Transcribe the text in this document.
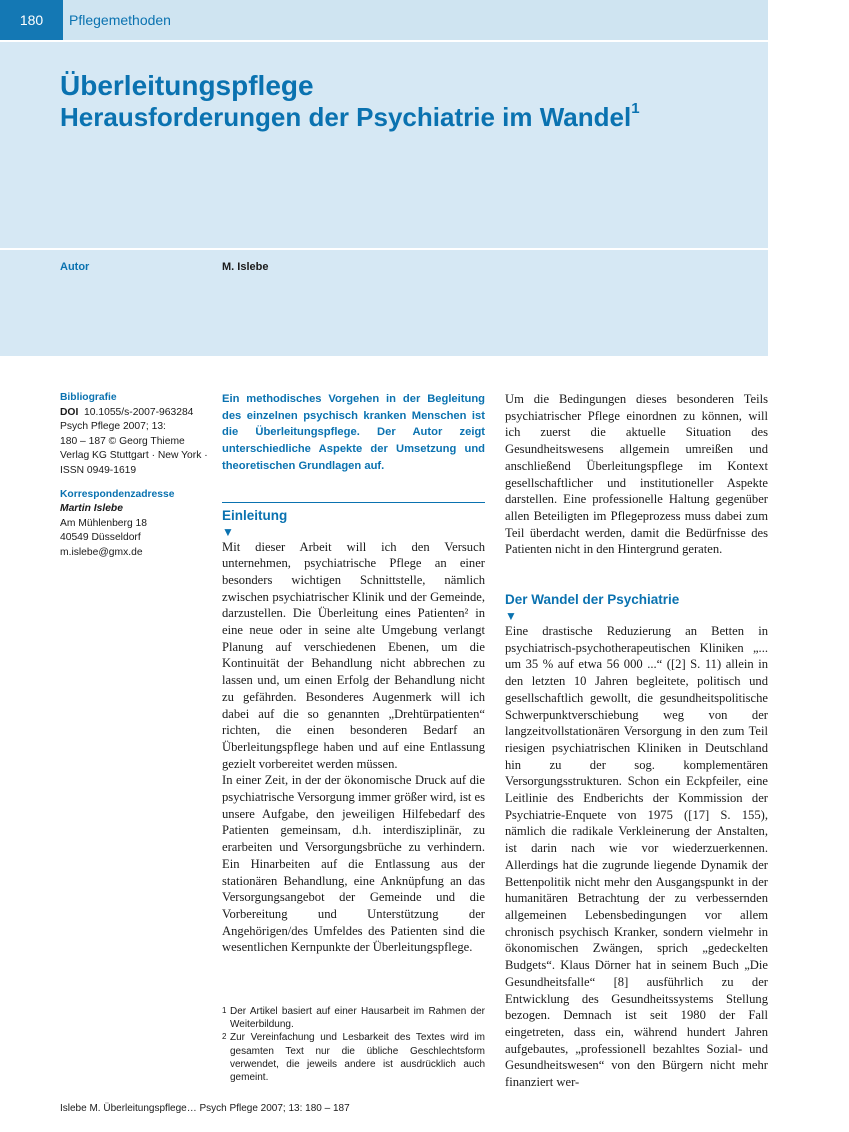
180	Pflegemethoden
Überleitungspflege
Herausforderungen der Psychiatrie im Wandel$^1$
Autor	M. Islebe
Bibliografie
DOI 10.1055/s-2007-963284
Psych Pflege 2007; 13:
180 – 187 © Georg Thieme
Verlag KG Stuttgart · New York ·
ISSN 0949-1619
Korrespondenzadresse
Martin Islebe
Am Mühlenberg 18
40549 Düsseldorf
m.islebe@gmx.de

Ein methodisches Vorgehen in der Begleitung des einzelnen psychisch kranken Menschen ist die Überleitungspflege. Der Autor zeigt unterschiedliche Aspekte der Umsetzung und theoretischen Grundlagen auf.

Einleitung
▼

Mit dieser Arbeit will ich den Versuch unternehmen, psychiatrische Pflege an einer besonders wichtigen Schnittstelle, nämlich zwischen psychiatrischer Klinik und der Gemeinde, darzustellen. Die Überleitung eines Patienten² in eine neue oder in seine alte Umgebung verlangt Planung auf verschiedenen Ebenen, um die Kontinuität der Behandlung nicht abbrechen zu lassen und, um einen Erfolg der Behandlung nicht zu gefährden. Besonderes Augenmerk will ich dabei auf die so genannten „Drehtürpatienten“ richten, die einen besonderen Bedarf an Überleitungspflege haben und auf eine Entlassung gezielt vorbereitet werden müssen.

In einer Zeit, in der der ökonomische Druck auf die psychiatrische Versorgung immer größer wird, ist es unsere Aufgabe, den jeweiligen Hilfebedarf des Patienten gemeinsam, d.h. interdisziplinär, zu erarbeiten und Versorgungsbrüche zu verhindern. Ein Hinarbeiten auf die Entlassung aus der stationären Behandlung, eine Anknüpfung an das Versorgungsangebot der Gemeinde und die Vorbereitung und Unterstützung der Angehörigen/des Umfeldes des Patienten sind die wesentlichen Kernpunkte der Überleitungspflege.

1 Der Artikel basiert auf einer Hausarbeit im Rahmen der Weiterbildung.
2 Zur Vereinfachung und Lesbarkeit des Textes wird im gesamten Text nur die übliche Geschlechtsform verwendet, die jeweils andere ist ausdrücklich auch gemeint.

Um die Bedingungen dieses besonderen Teils psychiatrischer Pflege einordnen zu können, will ich zuerst die aktuelle Situation des Gesundheitswesens allgemein umreißen und anschließend Überleitungspflege im Kontext gesellschaftlicher und institutioneller Aspekte darstellen. Eine professionelle Haltung gegenüber allen Beteiligten im Pflegeprozess muss dabei zum Teil überdacht werden, damit die Bedürfnisse des Patienten nicht in den Hintergrund geraten.

Der Wandel der Psychiatrie
▼

Eine drastische Reduzierung an Betten in psychiatrisch-psychotherapeutischen Kliniken „... um 35 % auf etwa 56 000 ...“ ([2] S. 11) allein in den letzten 10 Jahren begleitete, politisch und gesellschaftlich gewollt, die gesundheitspolitische Schwerpunktverschiebung weg von der langzeitvollstationären Versorgung in den zum Teil riesigen psychiatrischen Kliniken in Deutschland hin zu der sog. komplementären Versorgungsstrukturen. Schon ein Eckpfeiler, eine Leitlinie des Endberichts der Kommission der Psychiatrie-Enquete von 1975 ([17] S. 155), nämlich die radikale Verkleinerung der Anstalten, ist darin nach wie vor wiederzuerkennen. Allerdings hat die zugrunde liegende Dynamik der Bettenpolitik nicht mehr den Ausgangspunkt in der humanitären Betrachtung der zu verbessernden allgemeinen Lebensbedingungen vor allem chronisch psychisch Kranker, sondern vielmehr in ökonomischen Zwängen, sprich „gedeckelten Budgets“. Klaus Dörner hat in seinem Buch „Die Gesundheitsfalle“ [8] ausführlich zu der Entwicklung des Gesundheitssystems Stellung bezogen. Demnach ist seit 1980 der Fall eingetreten, dass ein, während hundert Jahren aufgebautes, „professionell bezahltes Sozial- und Gesundheitswesen“ von den Bürgern nicht mehr finanziert wer-

Islebe M. Überleitungspflege… Psych Pflege 2007; 13: 180 – 187
